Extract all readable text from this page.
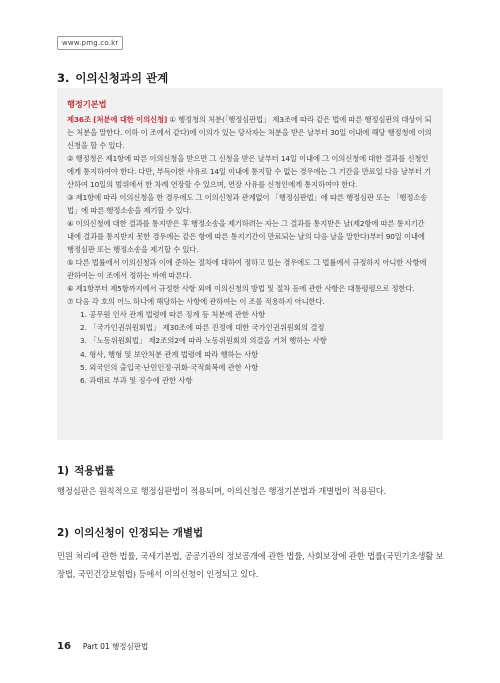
www.pmg.co.kr
3. 이의신청과의 관계
행정기본법

제36조 [처분에 대한 이의신청] ① 행정청의 처분(「행정심판법」 제3조에 따라 같은 법에 따른 행정심판의 대상이 되는 처분을 말한다. 이하 이 조에서 같다)에 이의가 있는 당사자는 처분을 받은 날부터 30일 이내에 해당 행정청에 이의신청을 할 수 있다.

② 행정청은 제1항에 따른 이의신청을 받으면 그 신청을 받은 날부터 14일 이내에 그 이의신청에 대한 결과를 신청인에게 통지하여야 한다. 다만, 부득이한 사유로 14일 이내에 통지할 수 없는 경우에는 그 기간을 만료일 다음 날부터 기산하여 10일의 범위에서 한 차례 연장할 수 있으며, 연장 사유를 신청인에게 통지하여야 한다.

③ 제1항에 따라 이의신청을 한 경우에도 그 이의신청과 관계없이 「행정심판법」에 따른 행정심판 또는 「행정소송법」에 따른 행정소송을 제기할 수 있다.

④ 이의신청에 대한 결과를 통지받은 후 행정소송을 제기하려는 자는 그 결과를 통지받은 날(제2항에 따른 통지기간 내에 결과를 통지받지 못한 경우에는 같은 항에 따른 통지기간이 만료되는 날의 다음 날을 말한다)부터 90일 이내에 행정심판 또는 행정소송을 제기할 수 있다.

⑤ 다른 법률에서 이의신청과 이에 준하는 절차에 대하여 정하고 있는 경우에도 그 법률에서 규정하지 아니한 사항에 관하여는 이 조에서 정하는 바에 따른다.

⑥ 제1항부터 제5항까지에서 규정한 사항 외에 이의신청의 방법 및 절차 등에 관한 사항은 대통령령으로 정한다.

⑦ 다음 각 호의 어느 하나에 해당하는 사항에 관하여는 이 조를 적용하지 아니한다.

1. 공무원 인사 관계 법령에 따른 징계 등 처분에 관한 사항
2. 「국가인권위원회법」 제30조에 따른 진정에 대한 국가인권위원회의 결정
3. 「노동위원회법」 제2조의2에 따라 노동위원회의 의결을 거쳐 행하는 사항
4. 형사, 행형 및 보안처분 관계 법령에 따라 행하는 사항
5. 외국인의 출입국·난민인정·귀화·국적회복에 관한 사항
6. 과태료 부과 및 징수에 관한 사항
1) 적용법률
행정심판은 원칙적으로 행정심판법이 적용되며, 이의신청은 행정기본법과 개별법이 적용된다.
2) 이의신청이 인정되는 개별법
민원 처리에 관한 법률, 국세기본법, 공공기관의 정보공개에 관한 법률, 사회보장에 관한 법률(국민기초생활 보장법, 국민건강보험법) 등에서 이의신청이 인정되고 있다.
16 Part 01 행정심판법
